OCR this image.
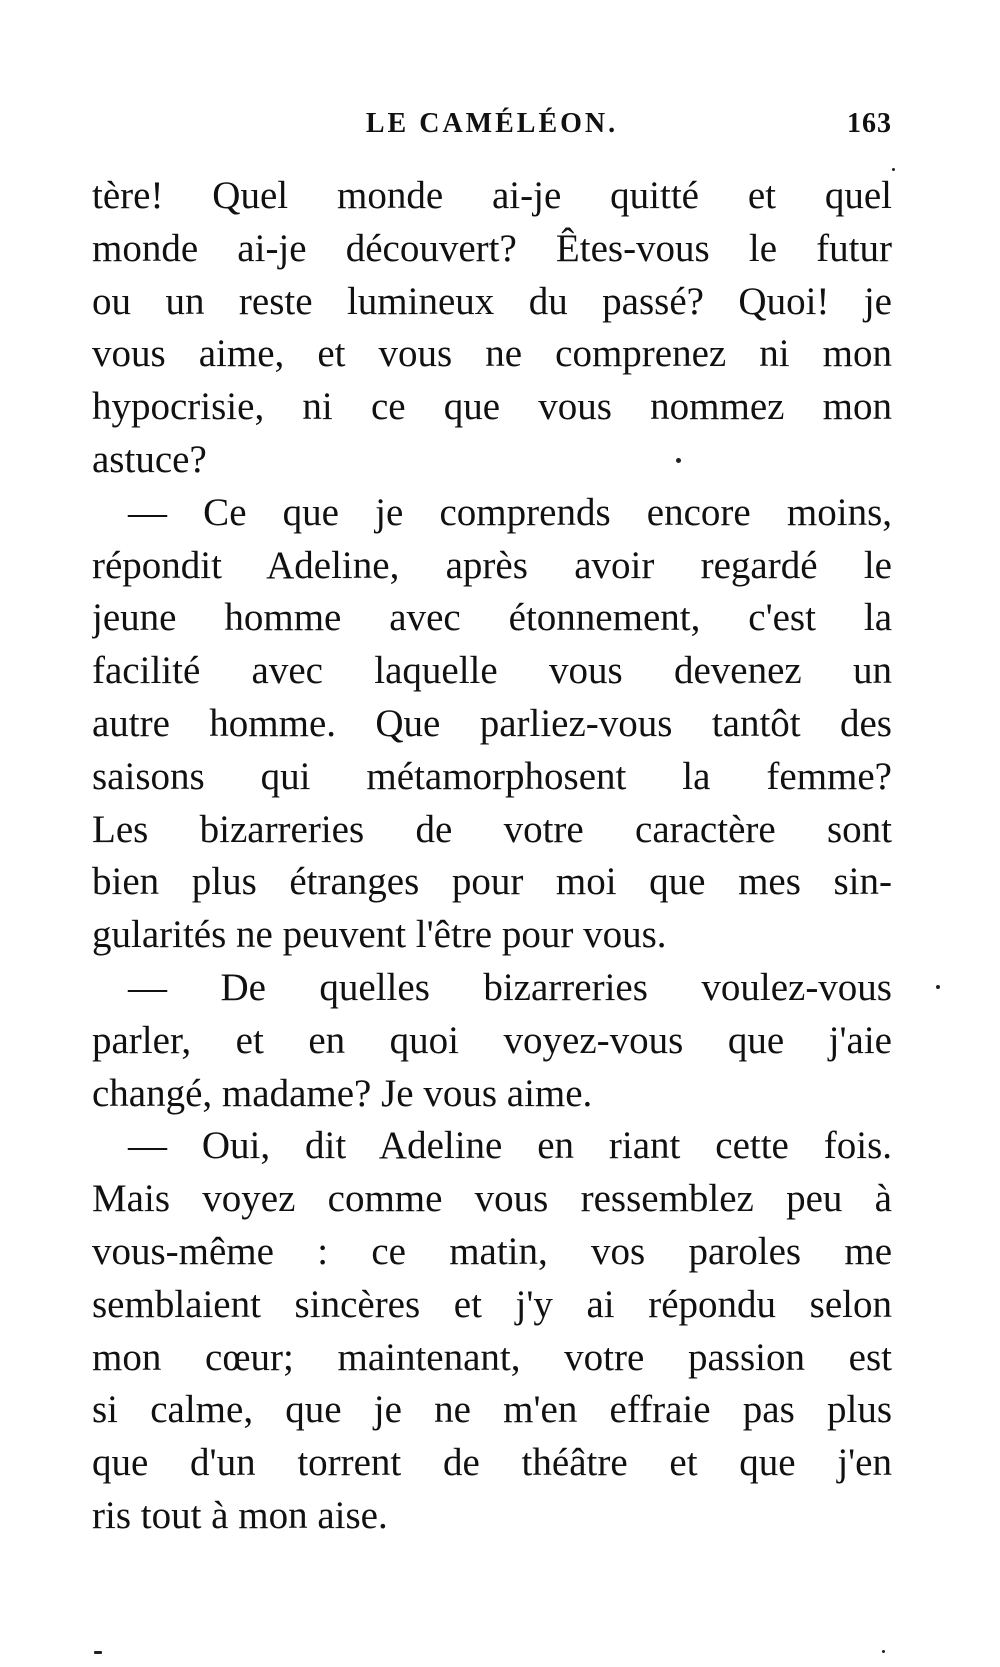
LE CAMÉLÉON.	163
tère! Quel monde ai-je quitté et quel
monde ai-je découvert? Êtes-vous le futur
ou un reste lumineux du passé? Quoi! je
vous aime, et vous ne comprenez ni mon
hypocrisie, ni ce que vous nommez mon
astuce?
— Ce que je comprends encore moins,
répondit Adeline, après avoir regardé le
jeune homme avec étonnement, c'est la
facilité avec laquelle vous devenez un
autre homme. Que parliez-vous tantôt des
saisons qui métamorphosent la femme?
Les bizarreries de votre caractère sont
bien plus étranges pour moi que mes sin-
gularités ne peuvent l'être pour vous.
— De quelles bizarreries voulez-vous
parler, et en quoi voyez-vous que j'aie
changé, madame? Je vous aime.
— Oui, dit Adeline en riant cette fois.
Mais voyez comme vous ressemblez peu à
vous-même : ce matin, vos paroles me
semblaient sincères et j'y ai répondu selon
mon cœur; maintenant, votre passion est
si calme, que je ne m'en effraie pas plus
que d'un torrent de théâtre et que j'en
ris tout à mon aise.
